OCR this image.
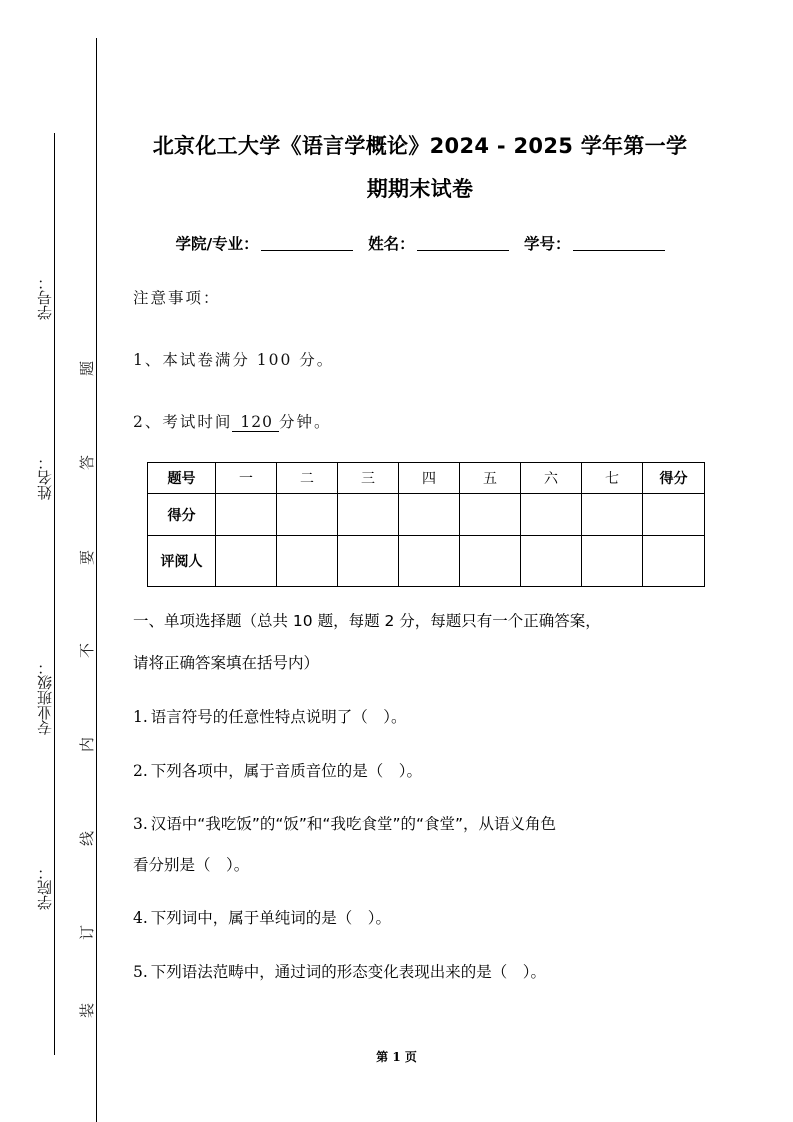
学号：
姓名：
专业班级：
学院：
题
答
要
不
内
线
订
装
北京化工大学《语言学概论》2024 - 2025 学年第一学
期期末试卷
学院/专业：	姓名：	学号：
注意事项：
1、本试卷满分 100 分。
2、考试时间 120 分钟。
题号	一	二	三	四	五	六	七	得分
得分								
评阅人								
一、单项选择题（总共 10 题，每题 2 分，每题只有一个正确答案，
请将正确答案填在括号内）
1. 语言符号的任意性特点说明了（　）。
2. 下列各项中，属于音质音位的是（　）。
3. 汉语中“我吃饭”的“饭”和“我吃食堂”的“食堂”，从语义角色
看分别是（　）。
4. 下列词中，属于单纯词的是（　）。
5. 下列语法范畴中，通过词的形态变化表现出来的是（　）。
第 1 页
